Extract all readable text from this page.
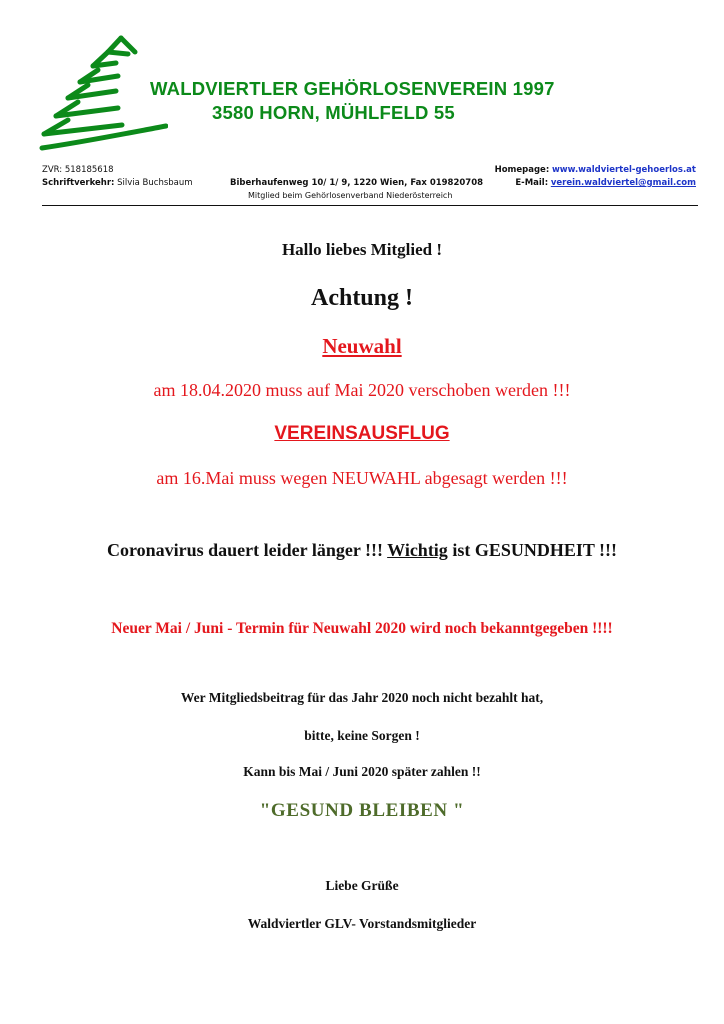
WALDVIERTLER GEHÖRLOSENVEREIN 1997
3580 HORN, MÜHLFELD 55
ZVR: 518185618
Schriftverkehr: Silvia Buchsbaum	Biberhaufenweg 10/ 1/ 9, 1220 Wien, Fax 019820708
Mitglied beim Gehörlosenverband Niederösterreich
Homepage: www.waldviertel-gehoerlos.at
E-Mail: verein.waldviertel@gmail.com
Hallo liebes Mitglied !
Achtung !
Neuwahl
am 18.04.2020 muss auf Mai 2020 verschoben werden !!!
VEREINSAUSFLUG
am 16.Mai muss wegen NEUWAHL abgesagt werden !!!
Coronavirus dauert leider länger !!! Wichtig ist GESUNDHEIT !!!
Neuer Mai / Juni - Termin für Neuwahl 2020 wird noch bekanntgegeben !!!!
Wer Mitgliedsbeitrag für das Jahr 2020 noch nicht bezahlt hat,
bitte, keine Sorgen !
Kann bis Mai / Juni 2020 später zahlen !!
"GESUND BLEIBEN "
Liebe Grüße
Waldviertler GLV- Vorstandsmitglieder
